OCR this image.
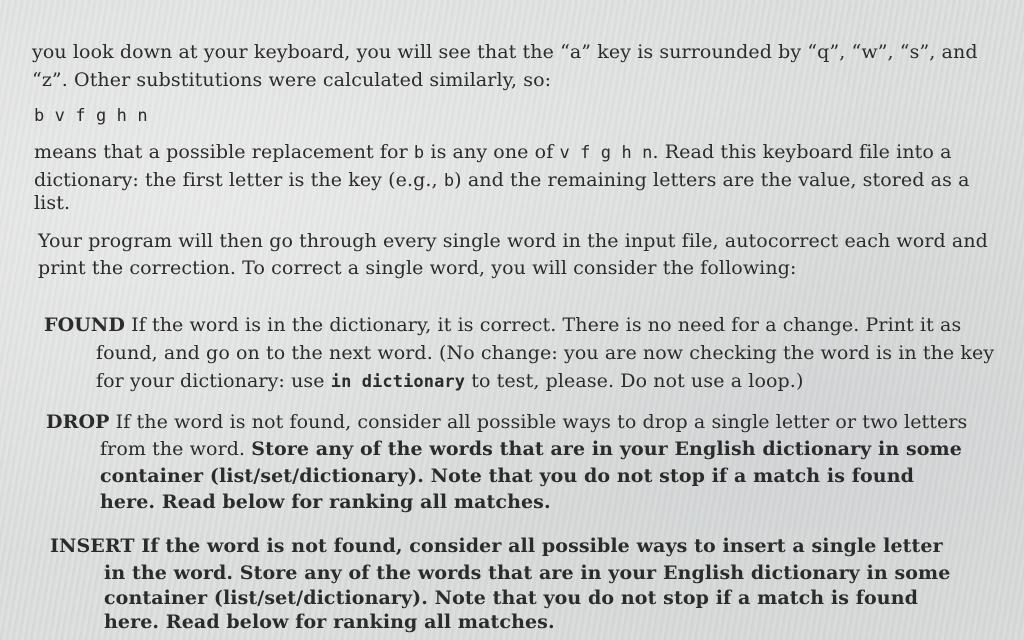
you look down at your keyboard, you will see that the “a” key is surrounded by “q”, “w”, “s”, and
“z”. Other substitutions were calculated similarly, so:
b v f g h n
means that a possible replacement for b is any one of v f g h n. Read this keyboard file into a
dictionary: the first letter is the key (e.g., b) and the remaining letters are the value, stored as a
list.
Your program will then go through every single word in the input file, autocorrect each word and
print the correction. To correct a single word, you will consider the following:
FOUND If the word is in the dictionary, it is correct. There is no need for a change. Print it as
found, and go on to the next word. (No change: you are now checking the word is in the key
for your dictionary: use in dictionary to test, please. Do not use a loop.)
DROP If the word is not found, consider all possible ways to drop a single letter or two letters
from the word. Store any of the words that are in your English dictionary in some
container (list/set/dictionary). Note that you do not stop if a match is found
here. Read below for ranking all matches.
INSERT If the word is not found, consider all possible ways to insert a single letter
in the word. Store any of the words that are in your English dictionary in some
container (list/set/dictionary). Note that you do not stop if a match is found
here. Read below for ranking all matches.
